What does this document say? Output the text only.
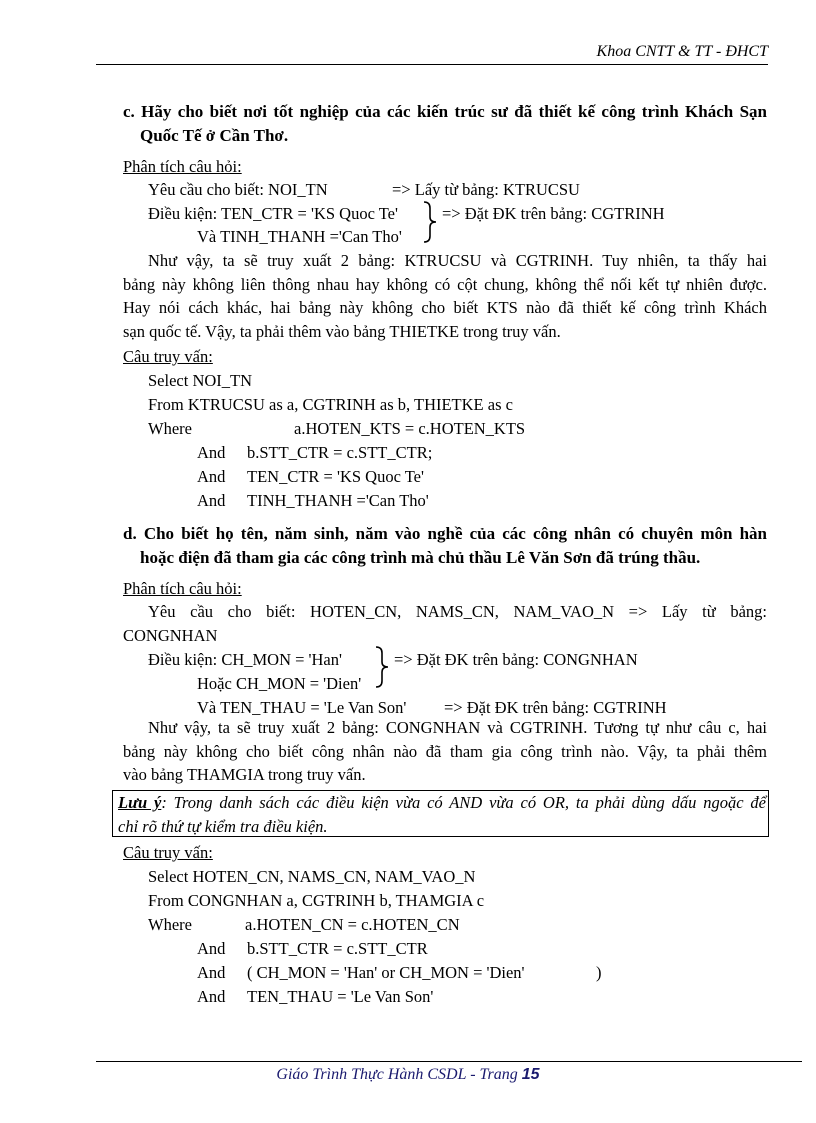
Khoa CNTT & TT - ĐHCT
c. Hãy cho biết nơi tốt nghiệp của các kiến trúc sư đã thiết kế công trình Khách Sạn
Quốc Tế ở Cần Thơ.
Phân tích câu hỏi:
Yêu cầu cho biết: NOI_TN	=> Lấy từ bảng: KTRUCSU
Điều kiện: TEN_CTR = 'KS Quoc Te'	=> Đặt ĐK trên bảng: CGTRINH
Và TINH_THANH ='Can Tho'
Như vậy, ta sẽ truy xuất 2 bảng: KTRUCSU và CGTRINH. Tuy nhiên, ta thấy hai
bảng này không liên thông nhau hay không có cột chung, không thể nối kết tự nhiên được.
Hay nói cách khác, hai bảng này không cho biết KTS nào đã thiết kế công trình Khách
sạn quốc tế. Vậy, ta phải thêm vào bảng THIETKE trong truy vấn.
Câu truy vấn:
Select NOI_TN
From KTRUCSU as a, CGTRINH as b, THIETKE as c
Where	a.HOTEN_KTS = c.HOTEN_KTS
And b.STT_CTR = c.STT_CTR;
And TEN_CTR = 'KS Quoc Te'
And TINH_THANH ='Can Tho'
d. Cho biết họ tên, năm sinh, năm vào nghề của các công nhân có chuyên môn hàn
hoặc điện đã tham gia các công trình mà chủ thầu Lê Văn Sơn đã trúng thầu.
Phân tích câu hỏi:
Yêu cầu cho biết: HOTEN_CN, NAMS_CN, NAM_VAO_N => Lấy từ bảng:
CONGNHAN
Điều kiện: CH_MON = 'Han'	=> Đặt ĐK trên bảng: CONGNHAN
Hoặc CH_MON = 'Dien'
Và TEN_THAU = 'Le Van Son' => Đặt ĐK trên bảng: CGTRINH
Như vậy, ta sẽ truy xuất 2 bảng: CONGNHAN và CGTRINH. Tương tự như câu c, hai
bảng này không cho biết công nhân nào đã tham gia công trình nào. Vậy, ta phải thêm
vào bảng THAMGIA trong truy vấn.
Lưu ý: Trong danh sách các điều kiện vừa có AND vừa có OR, ta phải dùng dấu ngoặc để
chỉ rõ thứ tự kiểm tra điều kiện.
Câu truy vấn:
Select HOTEN_CN, NAMS_CN, NAM_VAO_N
From CONGNHAN a, CGTRINH b, THAMGIA c
Where	a.HOTEN_CN = c.HOTEN_CN
And b.STT_CTR = c.STT_CTR
And ( CH_MON = 'Han' or CH_MON = 'Dien'	)
And TEN_THAU = 'Le Van Son'
Giáo Trình Thực Hành CSDL - Trang 15
